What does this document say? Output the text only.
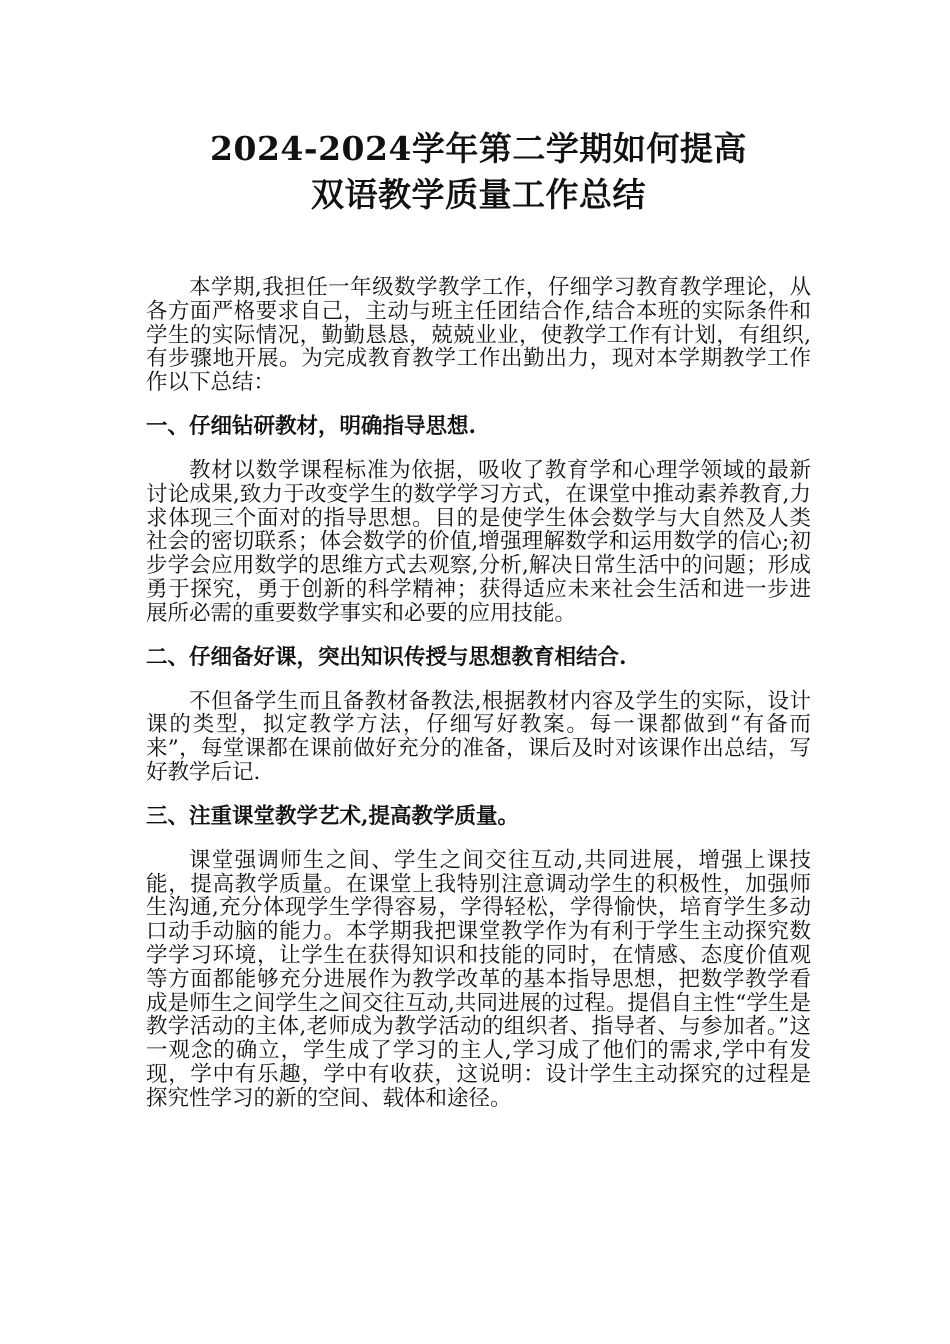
2024-2024学年第二学期如何提高
双语教学质量工作总结

本学期,我担任一年级数学教学工作，仔细学习教育教学理论，从各方面严格要求自己，主动与班主任团结合作,结合本班的实际条件和学生的实际情况，勤勤恳恳，兢兢业业，使教学工作有计划，有组织,有步骤地开展。为完成教育教学工作出勤出力，现对本学期教学工作作以下总结：

一、仔细钻研教材，明确指导思想.

教材以数学课程标准为依据，吸收了教育学和心理学领域的最新讨论成果,致力于改变学生的数学学习方式，在课堂中推动素养教育,力求体现三个面对的指导思想。目的是使学生体会数学与大自然及人类社会的密切联系；体会数学的价值,增强理解数学和运用数学的信心;初步学会应用数学的思维方式去观察,分析,解决日常生活中的问题；形成勇于探究，勇于创新的科学精神；获得适应未来社会生活和进一步进展所必需的重要数学事实和必要的应用技能。

二、仔细备好课，突出知识传授与思想教育相结合.

不但备学生而且备教材备教法,根据教材内容及学生的实际，设计课的类型，拟定教学方法，仔细写好教案。每一课都做到“有备而来”，每堂课都在课前做好充分的准备，课后及时对该课作出总结，写好教学后记.

三、注重课堂教学艺术,提高教学质量。

课堂强调师生之间、学生之间交往互动,共同进展，增强上课技能，提高教学质量。在课堂上我特别注意调动学生的积极性，加强师生沟通,充分体现学生学得容易，学得轻松，学得愉快，培育学生多动口动手动脑的能力。本学期我把课堂教学作为有利于学生主动探究数学学习环境，让学生在获得知识和技能的同时，在情感、态度价值观等方面都能够充分进展作为教学改革的基本指导思想，把数学教学看成是师生之间学生之间交往互动,共同进展的过程。提倡自主性“学生是教学活动的主体,老师成为教学活动的组织者、指导者、与参加者。”这一观念的确立，学生成了学习的主人,学习成了他们的需求,学中有发现，学中有乐趣，学中有收获，这说明：设计学生主动探究的过程是探究性学习的新的空间、载体和途径。
